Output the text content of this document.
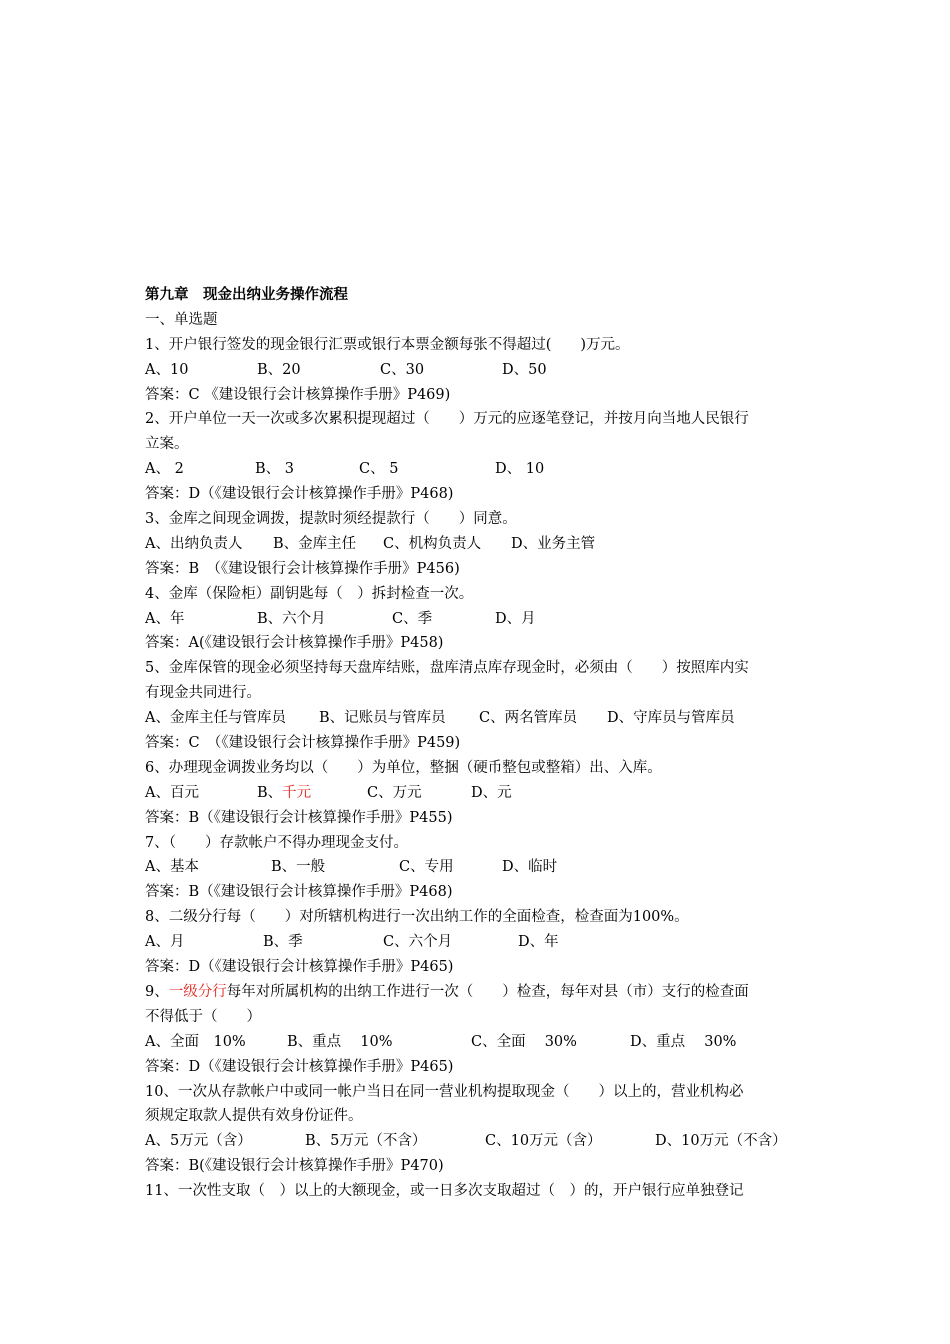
第九章　现金出纳业务操作流程
一、单选题
1、开户银行签发的现金银行汇票或银行本票金额每张不得超过(　　)万元。
A、10	B、20	C、30	D、50
答案：C 《建设银行会计核算操作手册》P469)
2、开户单位一天一次或多次累积提现超过（　　）万元的应逐笔登记，并按月向当地人民银行
立案。
A、 2	B、 3	C、 5	D、 10
答案：D（《建设银行会计核算操作手册》P468)
3、金库之间现金调拨，提款时须经提款行（　　）同意。
A、出纳负责人 B、金库主任 C、机构负责人 D、业务主管
答案：B　（《建设银行会计核算操作手册》P456)
4、金库（保险柜）副钥匙每（　）拆封检查一次。
A、年	B、六个月	C、季	D、月
答案：A(《建设银行会计核算操作手册》P458)
5、金库保管的现金必须坚持每天盘库结账，盘库清点库存现金时，必须由（　　）按照库内实
有现金共同进行。
A、金库主任与管库员 B、记账员与管库员 C、两名管库员 D、守库员与管库员
答案：C　（《建设银行会计核算操作手册》P459)
6、办理现金调拨业务均以（　　）为单位，整捆（硬币整包或整箱）出、入库。
A、百元	B、千元	C、万元	D、元
答案：B（《建设银行会计核算操作手册》P455)
7、（　　）存款帐户不得办理现金支付。
A、基本	B、一般	C、专用	D、临时
答案：B（《建设银行会计核算操作手册》P468)
8、二级分行每（　　）对所辖机构进行一次出纳工作的全面检查，检查面为100%。
A、月	B、季	C、六个月	D、年
答案：D（《建设银行会计核算操作手册》P465)
9、一级分行每年对所属机构的出纳工作进行一次（　　）检查，每年对县（市）支行的检查面
不得低于（　　）
A、全面　10%	B、重点　 10%	C、全面　 30%	D、重点　 30%
答案：D（《建设银行会计核算操作手册》P465)
10、一次从存款帐户中或同一帐户当日在同一营业机构提取现金（　　）以上的，营业机构必
须规定取款人提供有效身份证件。
A、5万元（含）	B、5万元（不含）	C、10万元（含）	D、10万元（不含）
答案：B(《建设银行会计核算操作手册》P470)
11、一次性支取（　）以上的大额现金，或一日多次支取超过（　）的，开户银行应单独登记
